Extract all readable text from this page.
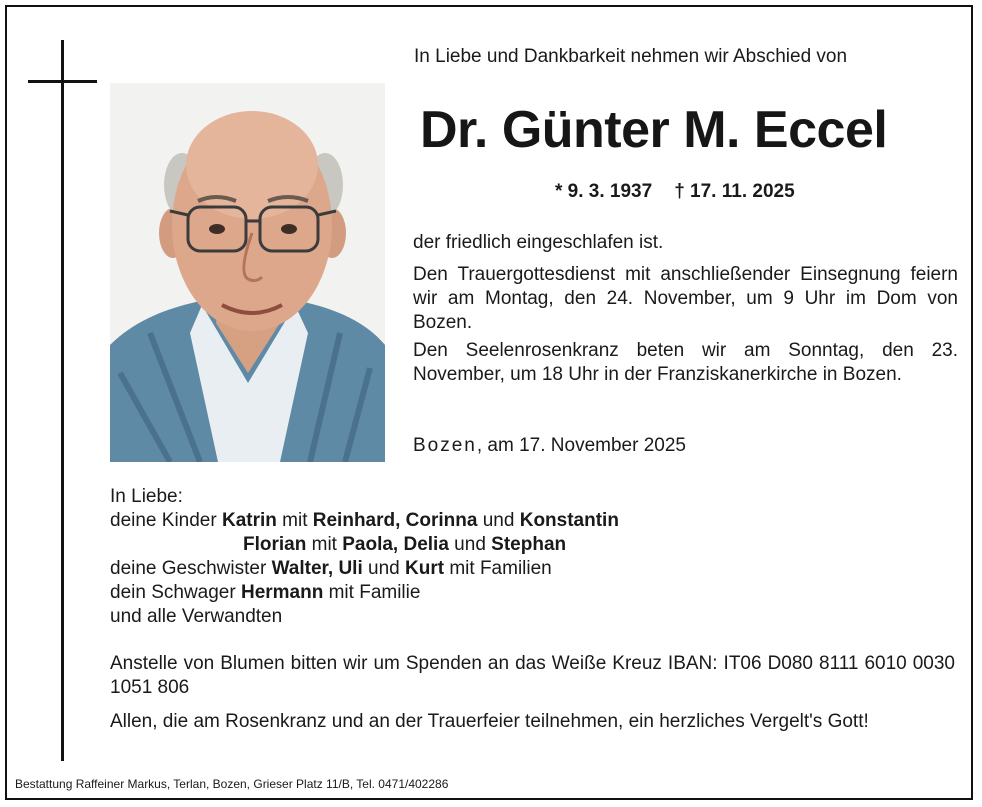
In Liebe und Dankbarkeit nehmen wir Abschied von
Dr. Günter M. Eccel
* 9. 3. 1937 † 17. 11. 2025
der friedlich eingeschlafen ist.
Den Trauergottesdienst mit anschließender Einsegnung feiern wir am Montag, den 24. November, um 9 Uhr im Dom von Bozen.
Den Seelenrosenkranz beten wir am Sonntag, den 23. November, um 18 Uhr in der Franziskanerkirche in Bozen.
Bozen, am 17. November 2025
In Liebe:
deine Kinder Katrin mit Reinhard, Corinna und Konstantin
Florian mit Paola, Delia und Stephan
deine Geschwister Walter, Uli und Kurt mit Familien
dein Schwager Hermann mit Familie
und alle Verwandten
Anstelle von Blumen bitten wir um Spenden an das Weiße Kreuz IBAN: IT06 D080 8111 6010 0030 1051 806
Allen, die am Rosenkranz und an der Trauerfeier teilnehmen, ein herzliches Vergelt's Gott!
Bestattung Raffeiner Markus, Terlan, Bozen, Grieser Platz 11/B, Tel. 0471/402286
